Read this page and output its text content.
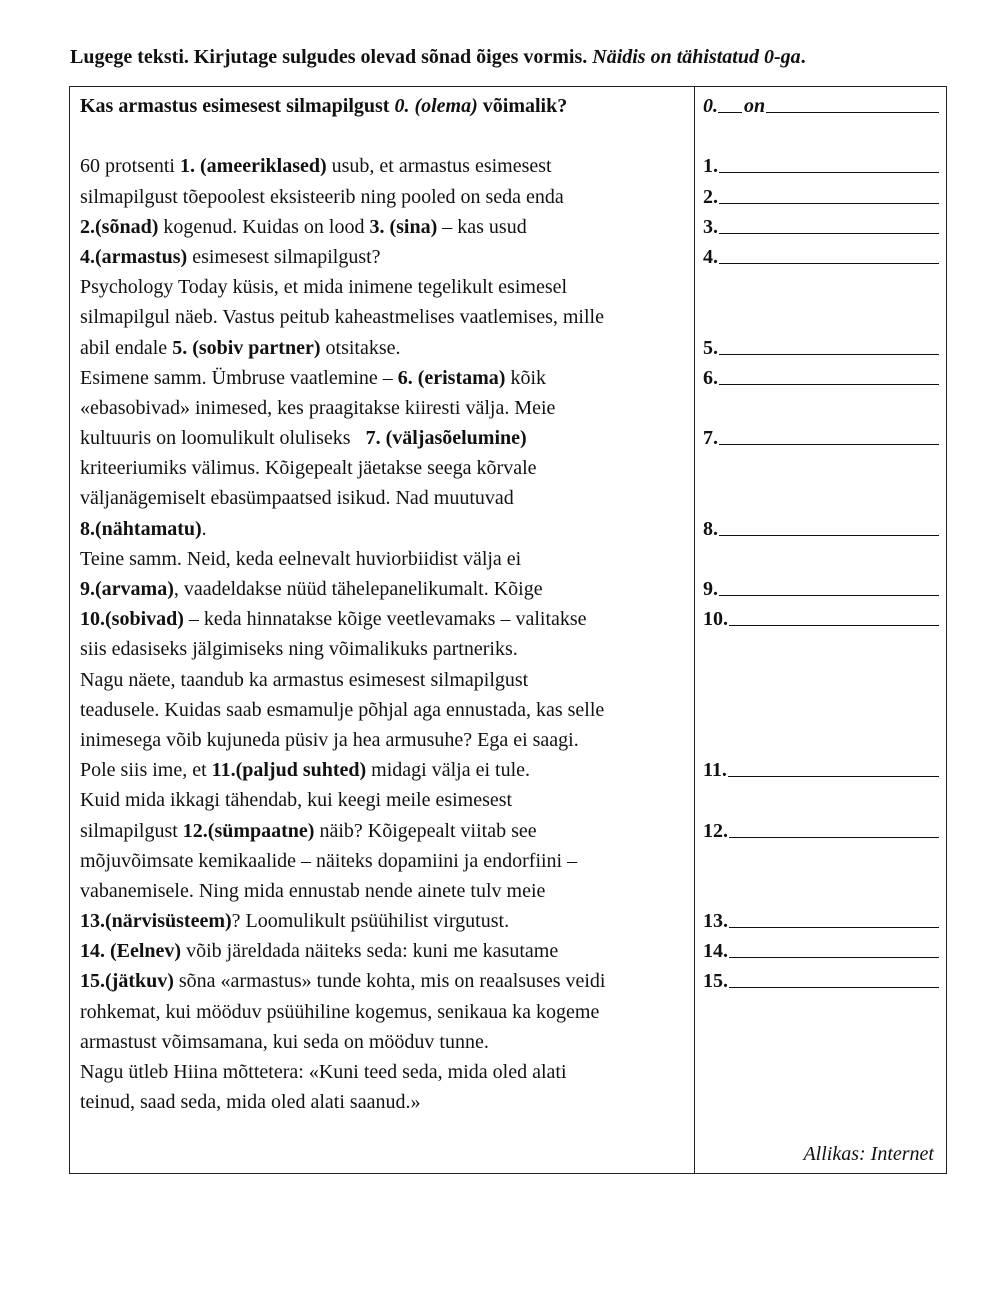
Lugege teksti. Kirjutage sulgudes olevad sõnad õiges vormis. Näidis on tähistatud 0-ga.
Kas armastus esimesest silmapilgust 0. (olema) võimalik?
60 protsenti 1. (ameeriklased) usub, et armastus esimesest
silmapilgust tõepoolest eksisteerib ning pooled on seda enda
2.(sõnad) kogenud. Kuidas on lood 3. (sina) – kas usud
4.(armastus) esimesest silmapilgust?
Psychology Today küsis, et mida inimene tegelikult esimesel
silmapilgul näeb. Vastus peitub kaheastmelises vaatlemises, mille
abil endale 5. (sobiv partner) otsitakse.
Esimene samm. Ümbruse vaatlemine – 6. (eristama) kõik
«ebasobivad» inimesed, kes praagitakse kiiresti välja. Meie
kultuuris on loomulikult oluliseks 7. (väljasõelumine)
kriteeriumiks välimus. Kõigepealt jäetakse seega kõrvale
väljanägemiselt ebasümpaatsed isikud. Nad muutuvad
8.(nähtamatu).
Teine samm. Neid, keda eelnevalt huviorbiidist välja ei
9.(arvama), vaadeldakse nüüd tähelepanelikumalt. Kõige
10.(sobivad) – keda hinnatakse kõige veetlevamaks – valitakse
siis edasiseks jälgimiseks ning võimalikuks partneriks.
Nagu näete, taandub ka armastus esimesest silmapilgust
teadusele. Kuidas saab esmamulje põhjal aga ennustada, kas selle
inimesega võib kujuneda püsiv ja hea armusuhe? Ega ei saagi.
Pole siis ime, et 11.(paljud suhted) midagi välja ei tule.
Kuid mida ikkagi tähendab, kui keegi meile esimesest
silmapilgust 12.(sümpaatne) näib? Kõigepealt viitab see
mõjuvõimsate kemikaalide – näiteks dopamiini ja endorfiini –
vabanemisele. Ning mida ennustab nende ainete tulv meie
13.(närvisüsteem)? Loomulikult psüühilist virgutust.
14. (Eelnev) võib järeldada näiteks seda: kuni me kasutame
15.(jätkuv) sõna «armastus» tunde kohta, mis on reaalsuses veidi
rohkemat, kui mööduv psüühiline kogemus, senikaua ka kogeme
armastust võimsamana, kui seda on mööduv tunne.
Nagu ütleb Hiina mõttetera: «Kuni teed seda, mida oled alati
teinud, saad seda, mida oled alati saanud.»
Allikas: Internet
0. on
1.
2.
3.
4.
5.
6.
7.
8.
9.
10.
11.
12.
13.
14.
15.
